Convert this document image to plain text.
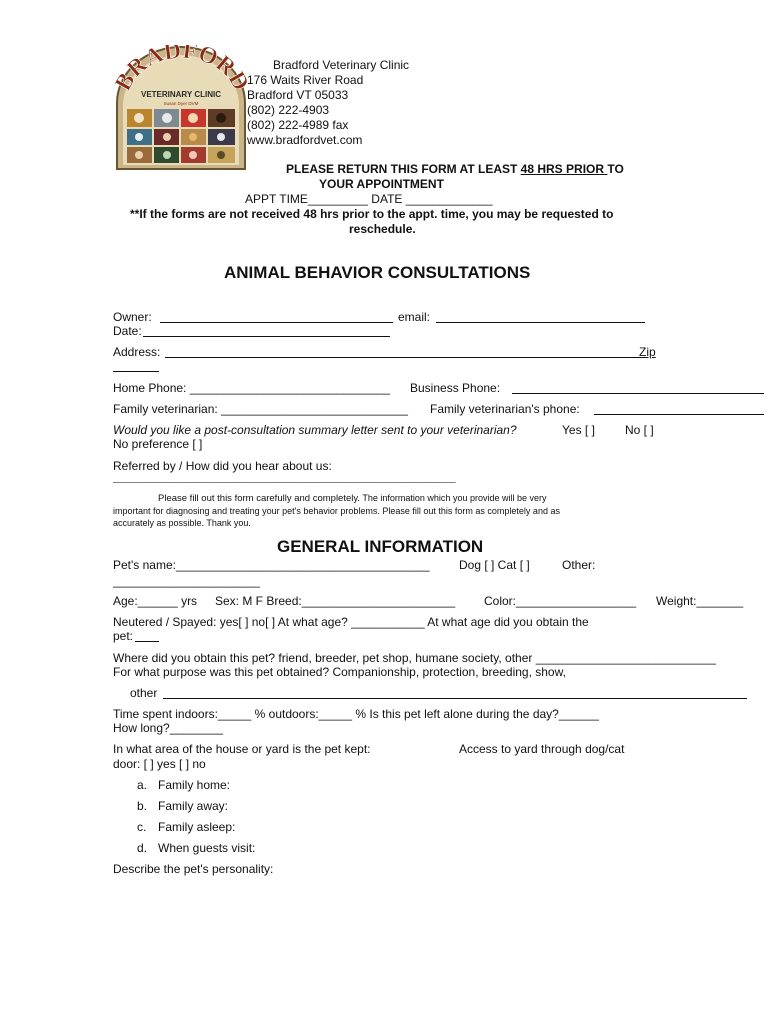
BRADFOR
VETERINARY CLINIC
Susan Dyer DVM
Bradford Veterinary Clinic
176 Waits River Road
Bradford VT 05033
(802) 222-4903
(802) 222-4989 fax
www.bradfordvet.com
PLEASE RETURN THIS FORM AT LEAST 48 HRS PRIOR TO
YOUR APPOINTMENT
APPT TIME_________ DATE _____________
**If the forms are not received 48 hrs prior to the appt. time, you may be requested to
reschedule.
ANIMAL BEHAVIOR CONSULTATIONS
Owner:	email:
Date:
Address:	Zip
Home Phone: ______________________________ Business Phone:
Family veterinarian: ____________________________ Family veterinarian's phone:
Would you like a post-consultation summary letter sent to your veterinarian?	Yes [ ]	No [ ]
No preference [ ]
Referred by / How did you hear about us:
_____________________________________________________________________________
Please fill out this form carefully and completely. The information which you provide will be very
important for diagnosing and treating your pet's behavior problems. Please fill out this form as completely and as
accurately as possible. Thank you.
GENERAL INFORMATION
Pet's name:______________________________________ Dog [ ] Cat [ ]	Other:
______________________
Age:______ yrs Sex: M F Breed:_______________________ Color:__________________ Weight:_______
Neutered / Spayed: yes[ ] no[ ] At what age? ___________ At what age did you obtain the
pet:
Where did you obtain this pet? friend, breeder, pet shop, humane society, other ___________________________
For what purpose was this pet obtained? Companionship, protection, breeding, show,
other
Time spent indoors:_____ % outdoors:_____ % Is this pet left alone during the day?______
How long?________
In what area of the house or yard is the pet kept:	Access to yard through dog/cat
door: [ ] yes [ ] no
a. Family home:
b. Family away:
c. Family asleep:
d. When guests visit:
Describe the pet's personality:
